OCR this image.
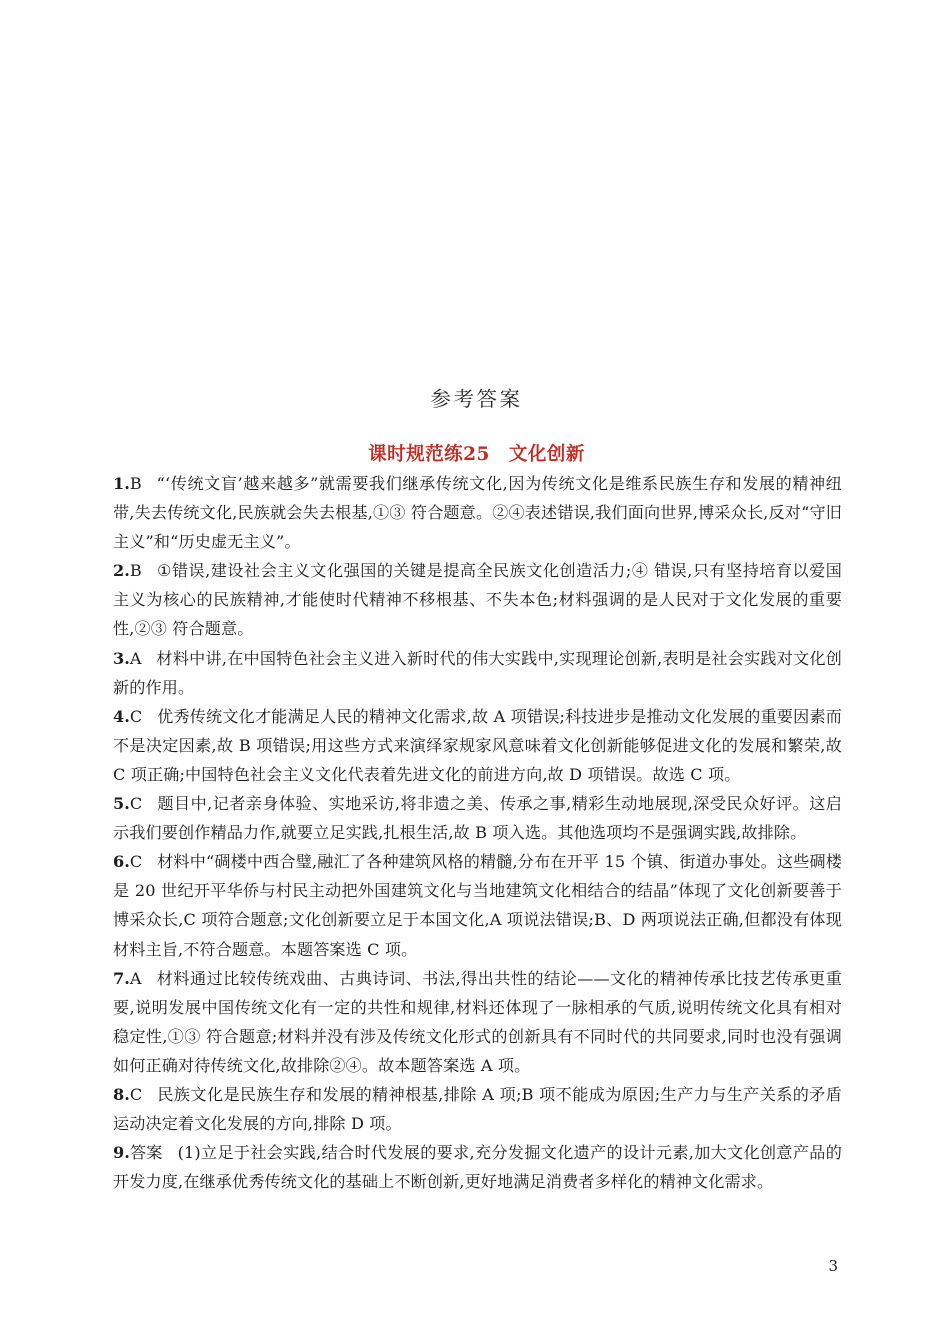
参考答案
课时规范练25　文化创新

1.B “‘传统文盲’越来越多”就需要我们继承传统文化,因为传统文化是维系民族生存和发展的精神纽带,失去传统文化,民族就会失去根基,①③ 符合题意。②④表述错误,我们面向世界,博采众长,反对“守旧主义”和“历史虚无主义”。

2.B ①错误,建设社会主义文化强国的关键是提高全民族文化创造活力;④ 错误,只有坚持培育以爱国主义为核心的民族精神,才能使时代精神不移根基、不失本色;材料强调的是人民对于文化发展的重要性,②③ 符合题意。

3.A 材料中讲,在中国特色社会主义进入新时代的伟大实践中,实现理论创新,表明是社会实践对文化创新的作用。

4.C 优秀传统文化才能满足人民的精神文化需求,故 A 项错误;科技进步是推动文化发展的重要因素而不是决定因素,故 B 项错误;用这些方式来演绎家规家风意味着文化创新能够促进文化的发展和繁荣,故 C 项正确;中国特色社会主义文化代表着先进文化的前进方向,故 D 项错误。故选 C 项。

5.C 题目中,记者亲身体验、实地采访,将非遗之美、传承之事,精彩生动地展现,深受民众好评。这启示我们要创作精品力作,就要立足实践,扎根生活,故 B 项入选。其他选项均不是强调实践,故排除。

6.C 材料中“碉楼中西合璧,融汇了各种建筑风格的精髓,分布在开平 15 个镇、街道办事处。这些碉楼是 20 世纪开平华侨与村民主动把外国建筑文化与当地建筑文化相结合的结晶”体现了文化创新要善于博采众长,C 项符合题意;文化创新要立足于本国文化,A 项说法错误;B、D 两项说法正确,但都没有体现材料主旨,不符合题意。本题答案选 C 项。

7.A 材料通过比较传统戏曲、古典诗词、书法,得出共性的结论——文化的精神传承比技艺传承更重要,说明发展中国传统文化有一定的共性和规律,材料还体现了一脉相承的气质,说明传统文化具有相对稳定性,①③ 符合题意;材料并没有涉及传统文化形式的创新具有不同时代的共同要求,同时也没有强调如何正确对待传统文化,故排除②④。故本题答案选 A 项。

8.C 民族文化是民族生存和发展的精神根基,排除 A 项;B 项不能成为原因;生产力与生产关系的矛盾运动决定着文化发展的方向,排除 D 项。

9.答案 (1)立足于社会实践,结合时代发展的要求,充分发掘文化遗产的设计元素,加大文化创意产品的开发力度,在继承优秀传统文化的基础上不断创新,更好地满足消费者多样化的精神文化需求。

3
